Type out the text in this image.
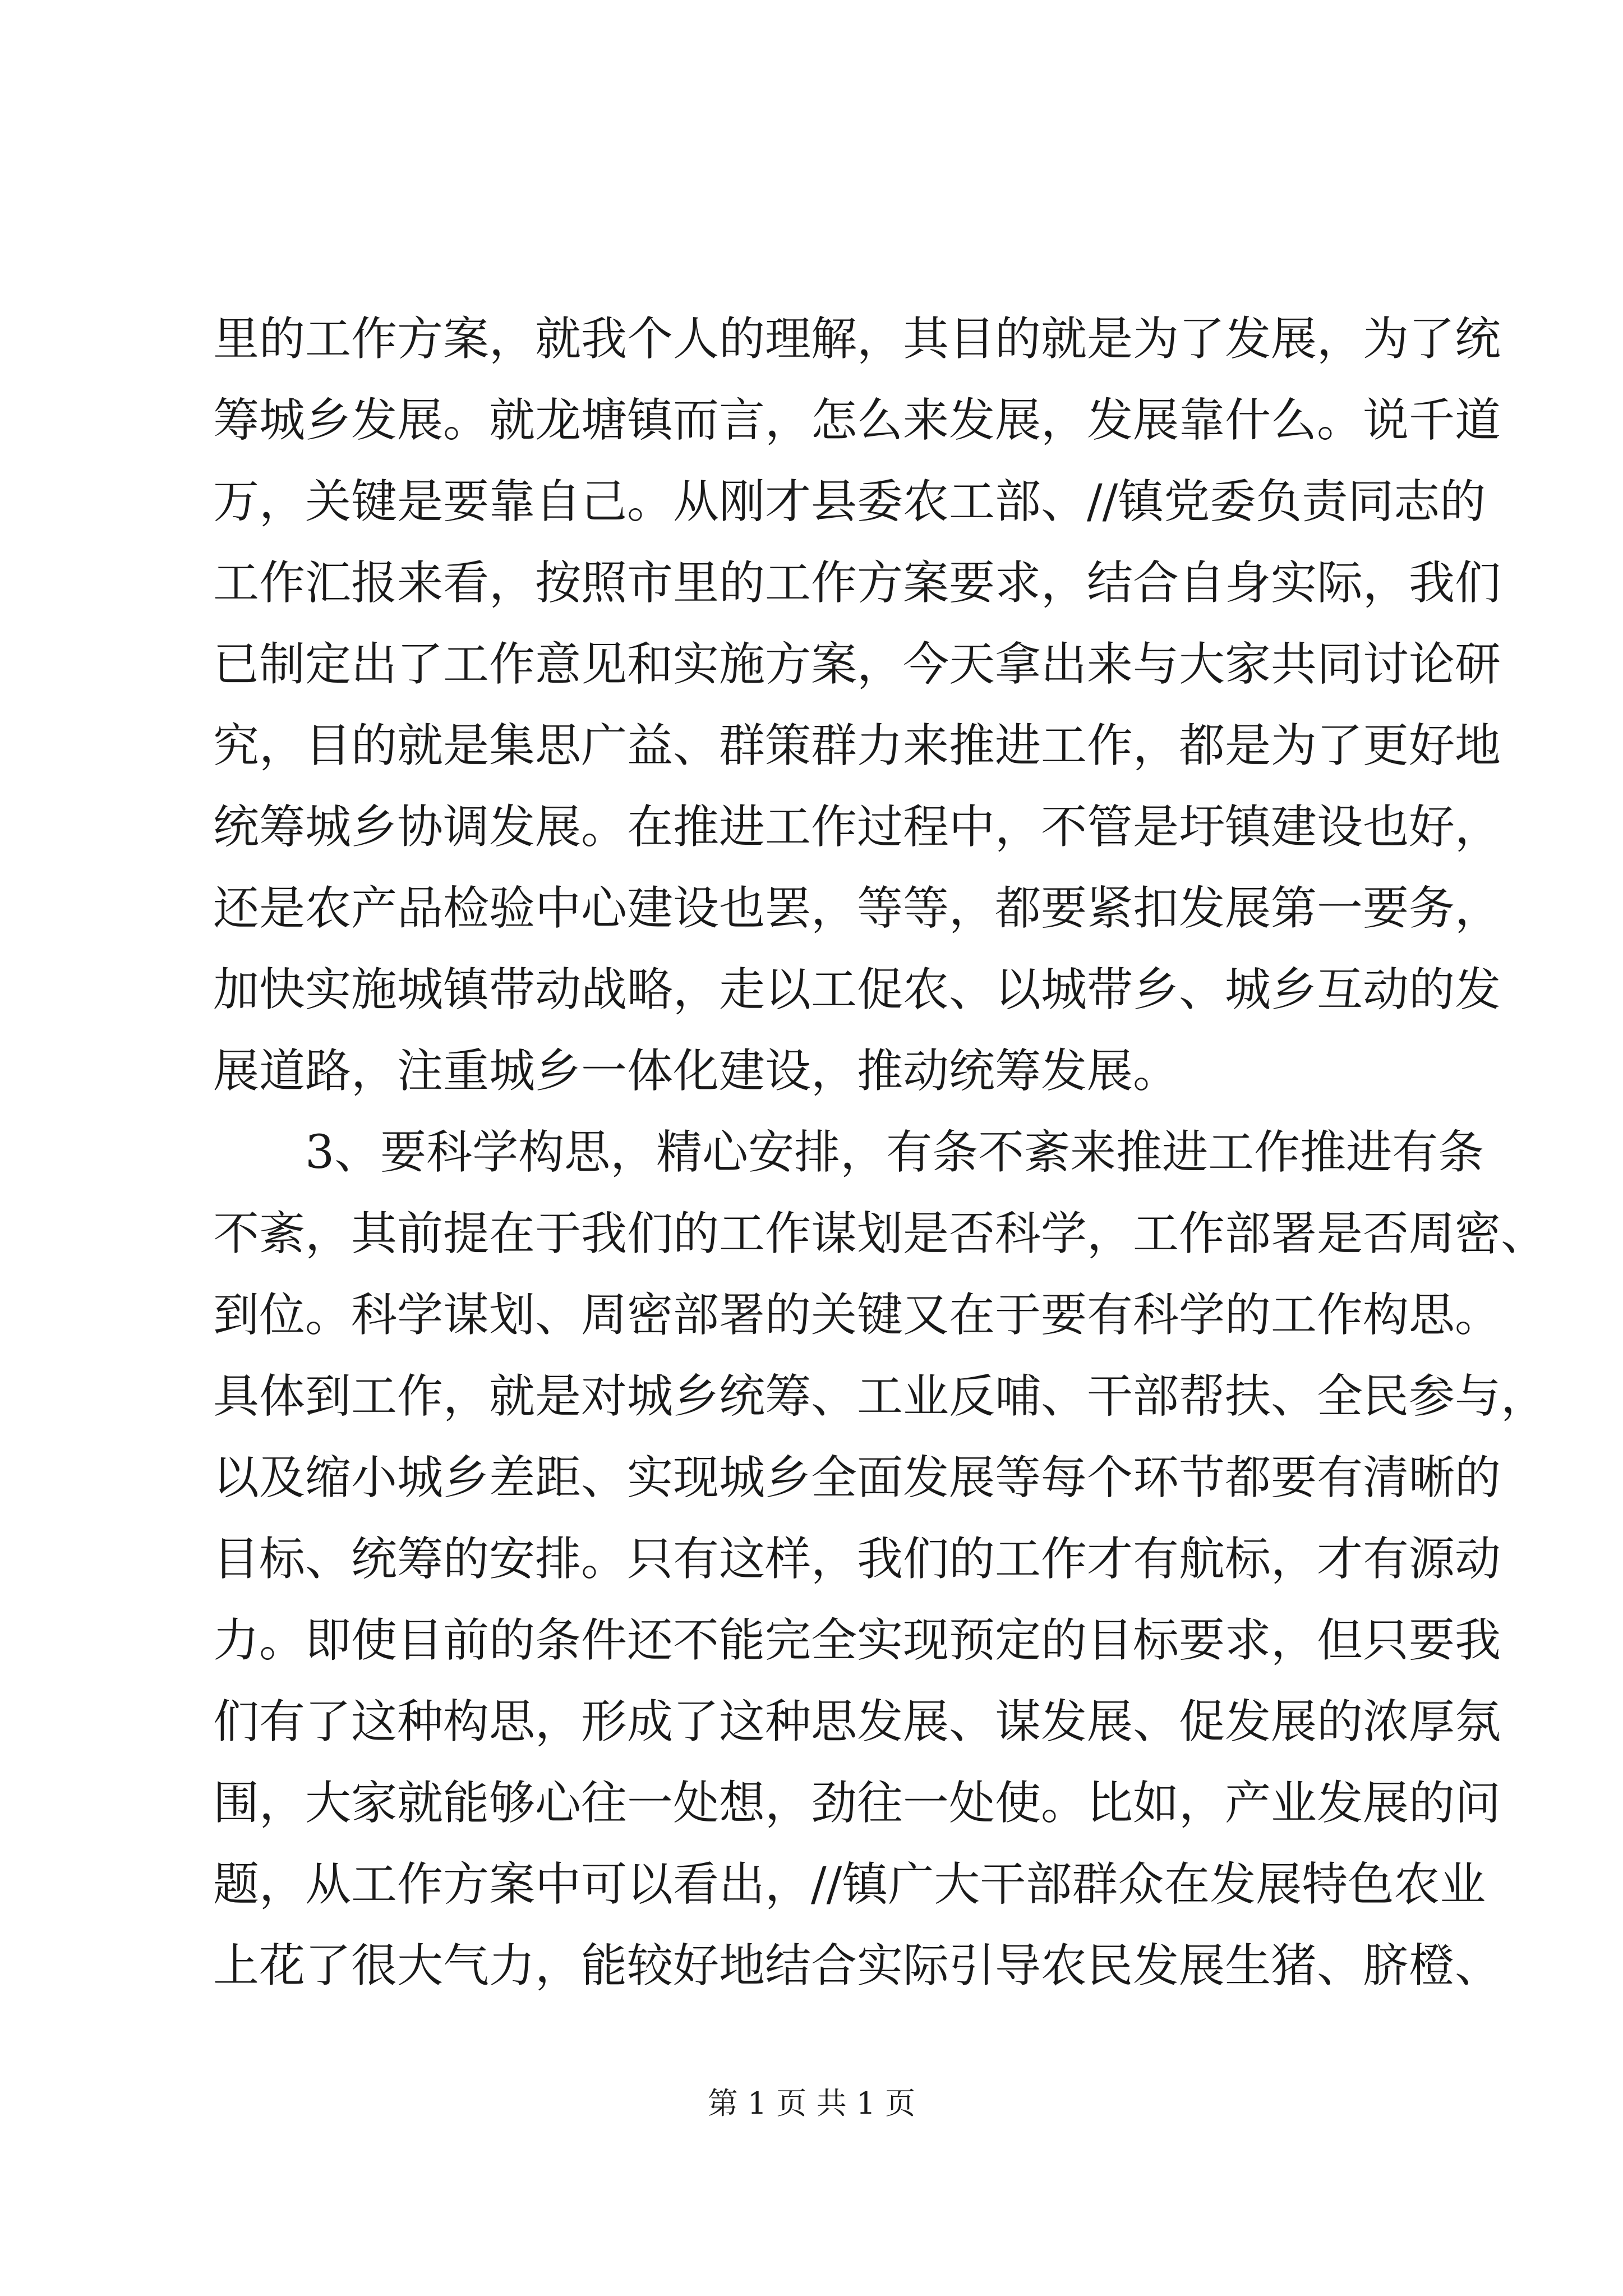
里的工作方案，就我个人的理解，其目的就是为了发展，为了统
筹城乡发展。就龙塘镇而言，怎么来发展，发展靠什么。说千道
万，关键是要靠自己。从刚才县委农工部、//镇党委负责同志的
工作汇报来看，按照市里的工作方案要求，结合自身实际，我们
已制定出了工作意见和实施方案，今天拿出来与大家共同讨论研
究，目的就是集思广益、群策群力来推进工作，都是为了更好地
统筹城乡协调发展。在推进工作过程中，不管是圩镇建设也好，
还是农产品检验中心建设也罢，等等，都要紧扣发展第一要务，
加快实施城镇带动战略，走以工促农、以城带乡、城乡互动的发
展道路，注重城乡一体化建设，推动统筹发展。
　　3、要科学构思，精心安排，有条不紊来推进工作推进有条
不紊，其前提在于我们的工作谋划是否科学，工作部署是否周密、
到位。科学谋划、周密部署的关键又在于要有科学的工作构思。
具体到工作，就是对城乡统筹、工业反哺、干部帮扶、全民参与，
以及缩小城乡差距、实现城乡全面发展等每个环节都要有清晰的
目标、统筹的安排。只有这样，我们的工作才有航标，才有源动
力。即使目前的条件还不能完全实现预定的目标要求，但只要我
们有了这种构思，形成了这种思发展、谋发展、促发展的浓厚氛
围，大家就能够心往一处想，劲往一处使。比如，产业发展的问
题，从工作方案中可以看出，//镇广大干部群众在发展特色农业
上花了很大气力，能较好地结合实际引导农民发展生猪、脐橙、
第 1 页 共 1 页
